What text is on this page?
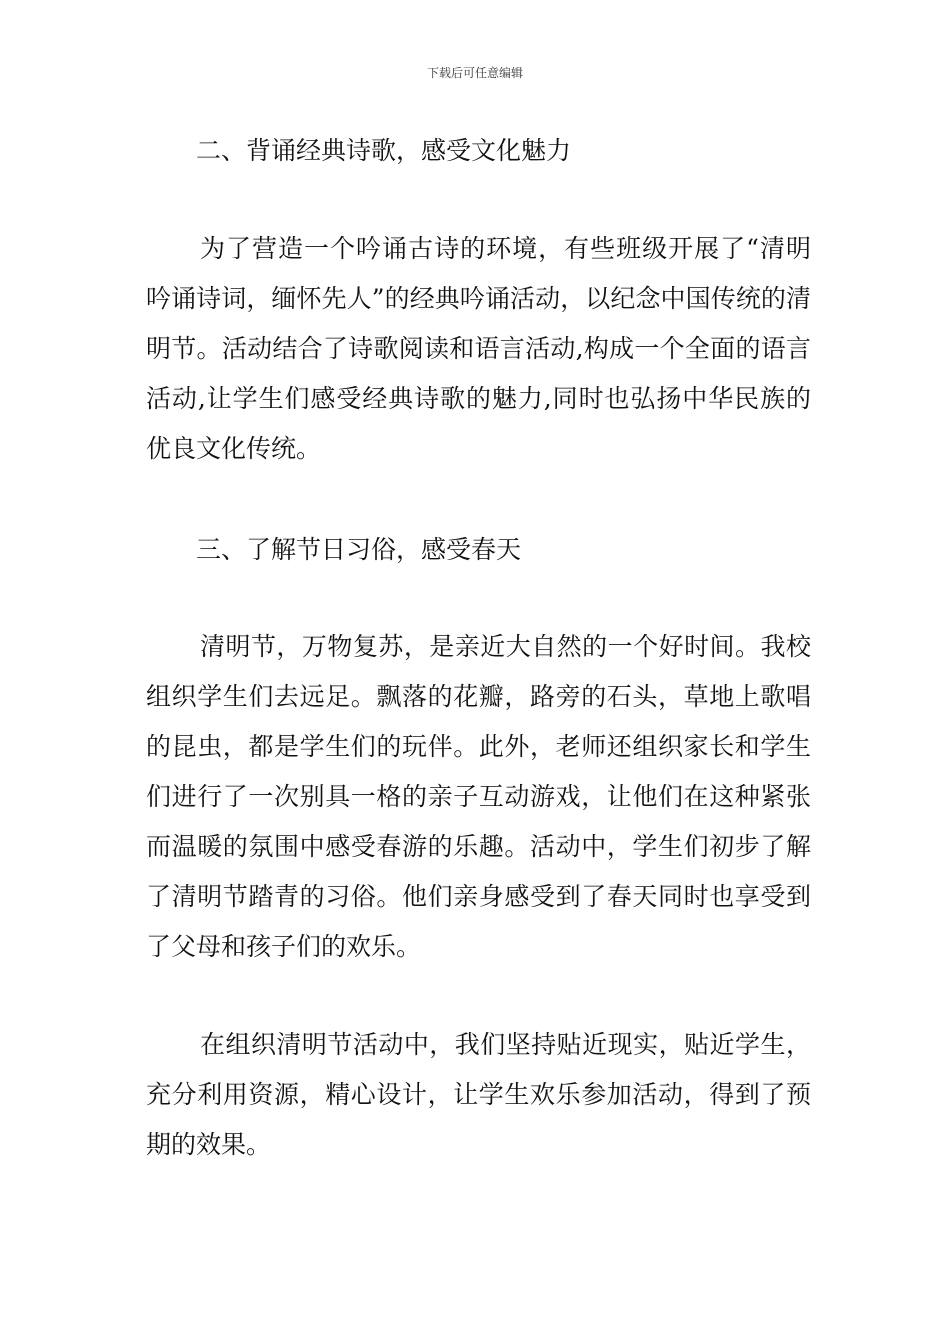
下载后可任意编辑
二、背诵经典诗歌，感受文化魅力
为了营造一个吟诵古诗的环境，有些班级开展了“清明吟诵诗词，缅怀先人”的经典吟诵活动，以纪念中国传统的清明节。活动结合了诗歌阅读和语言活动,构成一个全面的语言活动,让学生们感受经典诗歌的魅力,同时也弘扬中华民族的优良文化传统。
三、了解节日习俗，感受春天
清明节，万物复苏，是亲近大自然的一个好时间。我校组织学生们去远足。飘落的花瓣，路旁的石头，草地上歌唱的昆虫，都是学生们的玩伴。此外，老师还组织家长和学生们进行了一次别具一格的亲子互动游戏，让他们在这种紧张而温暖的氛围中感受春游的乐趣。活动中，学生们初步了解了清明节踏青的习俗。他们亲身感受到了春天同时也享受到了父母和孩子们的欢乐。
在组织清明节活动中，我们坚持贴近现实，贴近学生，充分利用资源，精心设计，让学生欢乐参加活动，得到了预期的效果。
